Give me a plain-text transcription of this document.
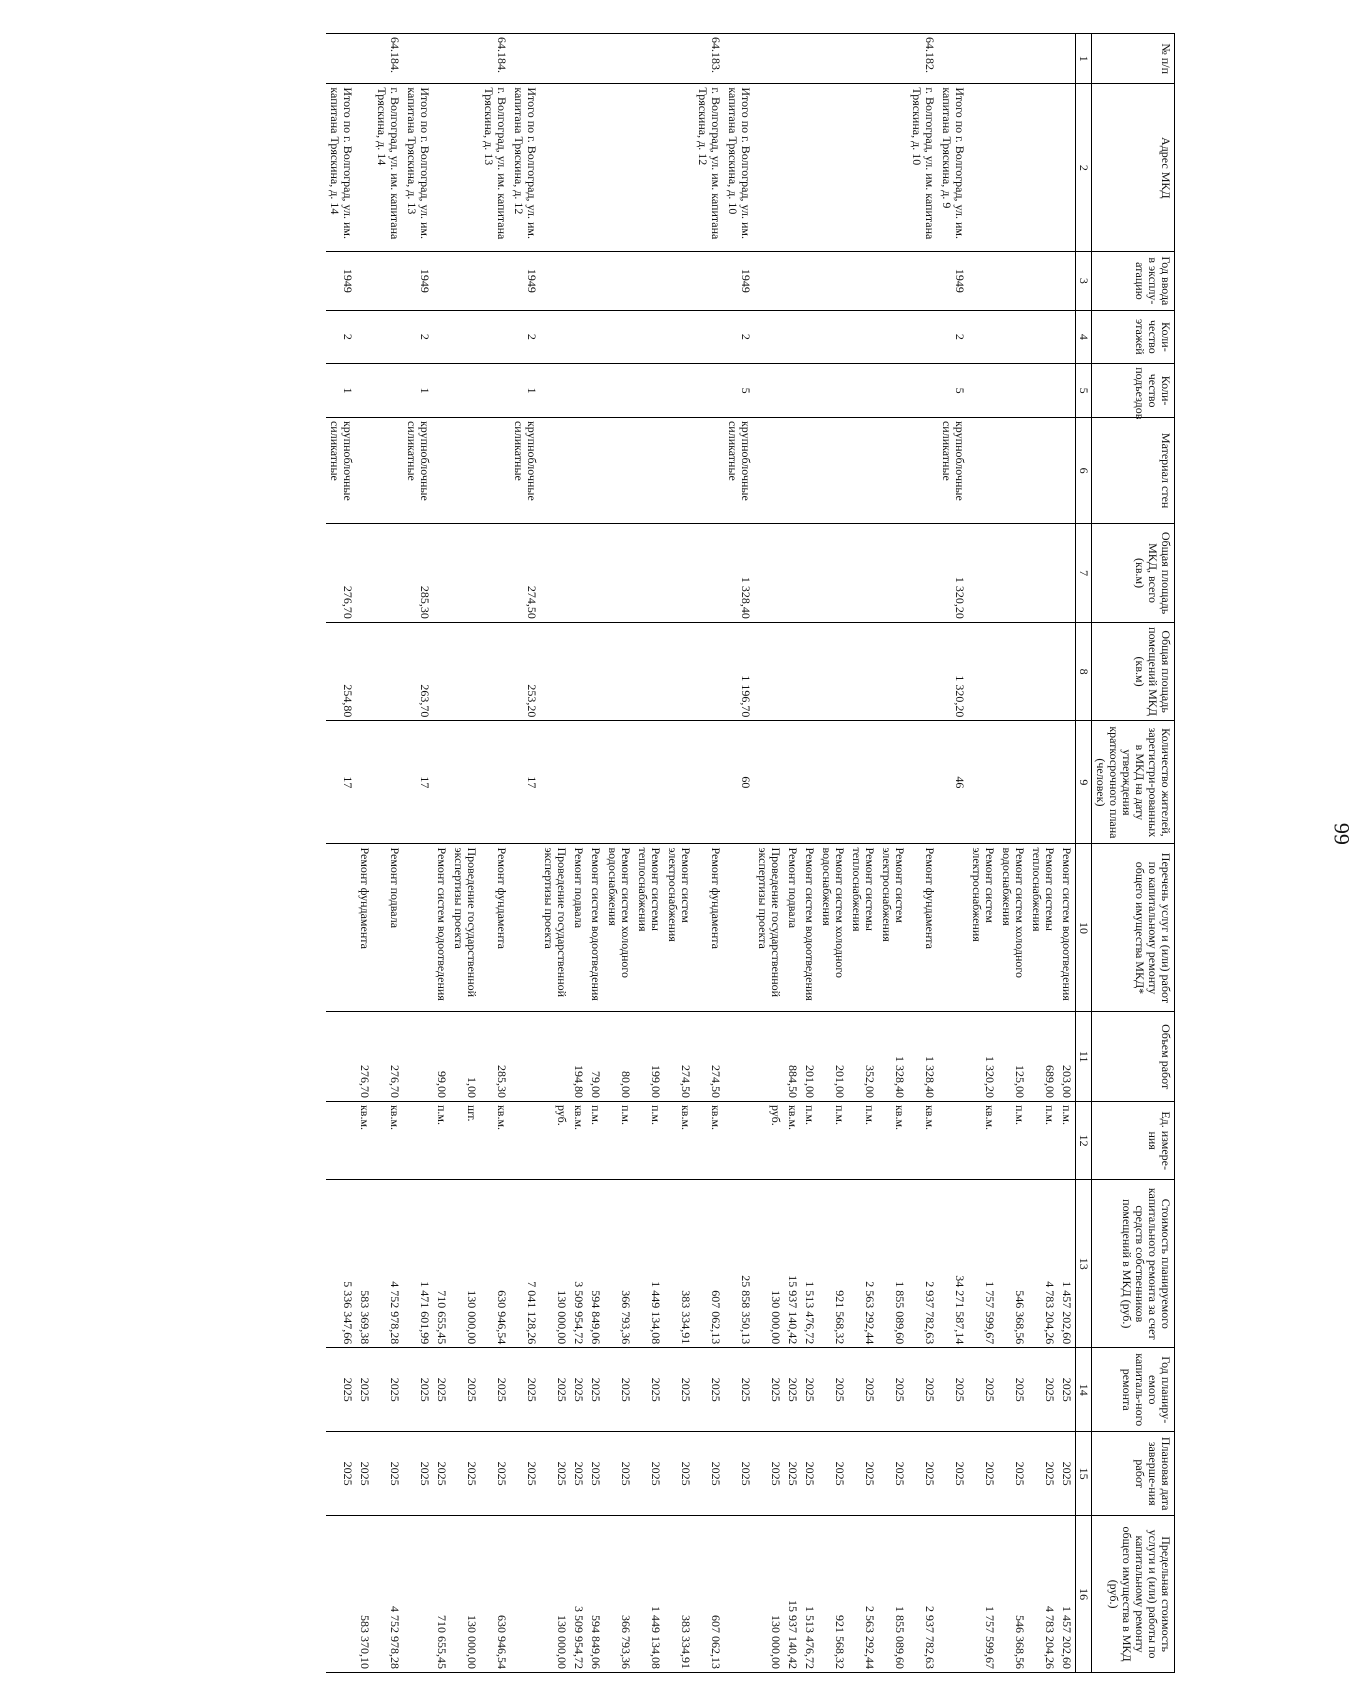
66
№ п/п	Адрес МКД	Год ввода в эксплу-атацию	Коли-чество этажей	Коли-чество подъездов	Материал стен	Общая площадь МКД, всего (кв.м)	Общая площадь помещений МКД (кв.м)	Количество жителей, зарегистри-рованных в МКД на дату утверждения краткосрочного плана (человек)	Перечень услуг и (или) работ по капитальному ремонту общего имущества МКД*	Объем работ	Ед. измере-ния	Стоимость планируемого капитального ремонта за счет средств собственников помещений в МКД (руб.)	Год планиру-емого капиталь-ного ремонта	Плановая дата заверше-ния работ	Предельная стоимость услуги и (или) работы по капитальному ремонту общего имущества в МКД (руб.)
1	2	3	4	5	6	7	8	9	10	11	12	13	14	15	16
									Ремонт систем водоотведения	203,00	п.м.	1 457 202,60	2025	2025	1 457 202,60
									Ремонт системы теплоснабжения	689,00	п.м.	4 783 204,26	2025	2025	4 783 204,26
									Ремонт систем холодного водоснабжения	125,00	п.м.	546 368,56	2025	2025	546 368,56
									Ремонт систем электроснабжения	1 320,20	кв.м.	1 757 599,67	2025	2025	1 757 599,67
	Итого по г. Волгоград, ул. им. капитана Тряскина, д. 9	1949	2	5	крупноблочные силикатные	1 320,20	1 320,20	46				34 271 587,14	2025	2025	
64.182.	г. Волгоград, ул. им. капитана Тряскина, д. 10								Ремонт фундамента	1 328,40	кв.м.	2 937 782,63	2025	2025	2 937 782,63
									Ремонт систем электроснабжения	1 328,40	кв.м.	1 855 089,60	2025	2025	1 855 089,60
									Ремонт системы теплоснабжения	352,00	п.м.	2 563 292,44	2025	2025	2 563 292,44
									Ремонт систем холодного водоснабжения	201,00	п.м.	921 568,32	2025	2025	921 568,32
									Ремонт систем водоотведения	201,00	п.м.	1 513 476,72	2025	2025	1 513 476,72
									Ремонт подвала	884,50	кв.м.	15 937 140,42	2025	2025	15 937 140,42
									Проведение государственной экспертизы проекта		руб.	130 000,00	2025	2025	130 000,00
	Итого по г. Волгоград, ул. им. капитана Тряскина, д. 10	1949	2	5	крупноблочные силикатные	1 328,40	1 196,70	60				25 858 350,13	2025	2025	
64.183.	г. Волгоград, ул. им. капитана Тряскина, д. 12								Ремонт фундамента	274,50	кв.м.	607 062,13	2025	2025	607 062,13
									Ремонт систем электроснабжения	274,50	кв.м.	383 334,91	2025	2025	383 334,91
									Ремонт системы теплоснабжения	199,00	п.м.	1 449 134,08	2025	2025	1 449 134,08
									Ремонт систем холодного водоснабжения	80,00	п.м.	366 793,36	2025	2025	366 793,36
									Ремонт систем водоотведения	79,00	п.м.	594 849,06	2025	2025	594 849,06
									Ремонт подвала	194,80	кв.м.	3 509 954,72	2025	2025	3 509 954,72
									Проведение государственной экспертизы проекта		руб.	130 000,00	2025	2025	130 000,00
	Итого по г. Волгоград, ул. им. капитана Тряскина, д. 12	1949	2	1	крупноблочные силикатные	274,50	253,20	17				7 041 128,26	2025	2025	
64.184.	г. Волгоград, ул. им. капитана Тряскина, д. 13								Ремонт фундамента	285,30	кв.м.	630 946,54	2025	2025	630 946,54
									Проведение государственной экспертизы проекта	1,00	шт.	130 000,00	2025	2025	130 000,00
									Ремонт систем водоотведения	99,00	п.м.	710 655,45	2025	2025	710 655,45
	Итого по г. Волгоград, ул. им. капитана Тряскина, д. 13	1949	2	1	крупноблочные силикатные	285,30	263,70	17				1 471 601,99	2025	2025	
64.184.	г. Волгоград, ул. им. капитана Тряскина, д. 14								Ремонт подвала	276,70	кв.м.	4 752 978,28	2025	2025	4 752 978,28
									Ремонт фундамента	276,70	кв.м.	583 369,38	2025	2025	583 370,10
	Итого по г. Волгоград, ул. им. капитана Тряскина, д. 14	1949	2	1	крупноблочные силикатные	276,70	254,80	17				5 336 347,66	2025	2025	
